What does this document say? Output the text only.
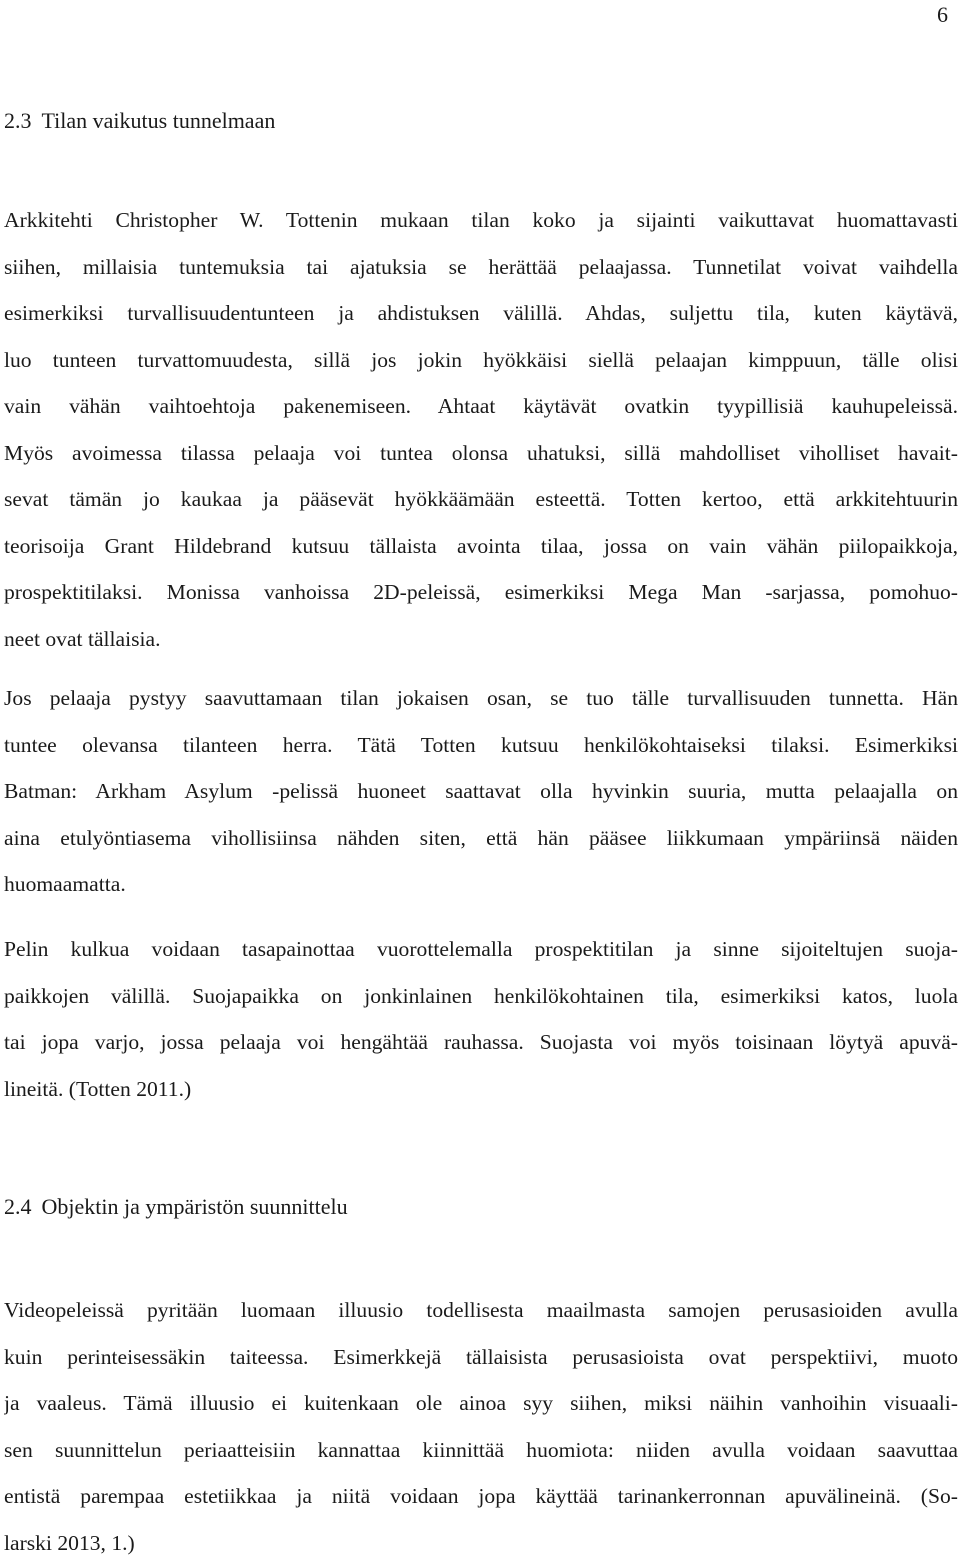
6
2.3 Tilan vaikutus tunnelmaan
Arkkitehti Christopher W. Tottenin mukaan tilan koko ja sijainti vaikuttavat huomattavasti
siihen, millaisia tuntemuksia tai ajatuksia se herättää pelaajassa. Tunnetilat voivat vaihdella
esimerkiksi turvallisuudentunteen ja ahdistuksen välillä. Ahdas, suljettu tila, kuten käytävä,
luo tunteen turvattomuudesta, sillä jos jokin hyökkäisi siellä pelaajan kimppuun, tälle olisi
vain vähän vaihtoehtoja pakenemiseen. Ahtaat käytävät ovatkin tyypillisiä kauhupeleissä.
Myös avoimessa tilassa pelaaja voi tuntea olonsa uhatuksi, sillä mahdolliset viholliset havait-
sevat tämän jo kaukaa ja pääsevät hyökkäämään esteettä. Totten kertoo, että arkkitehtuurin
teorisoija Grant Hildebrand kutsuu tällaista avointa tilaa, jossa on vain vähän piilopaikkoja,
prospektitilaksi. Monissa vanhoissa 2D-peleissä, esimerkiksi Mega Man -sarjassa, pomohuo-
neet ovat tällaisia.
Jos pelaaja pystyy saavuttamaan tilan jokaisen osan, se tuo tälle turvallisuuden tunnetta. Hän
tuntee olevansa tilanteen herra. Tätä Totten kutsuu henkilökohtaiseksi tilaksi. Esimerkiksi
Batman: Arkham Asylum -pelissä huoneet saattavat olla hyvinkin suuria, mutta pelaajalla on
aina etulyöntiasema vihollisiinsa nähden siten, että hän pääsee liikkumaan ympäriinsä näiden
huomaamatta.
Pelin kulkua voidaan tasapainottaa vuorottelemalla prospektitilan ja sinne sijoiteltujen suoja-
paikkojen välillä. Suojapaikka on jonkinlainen henkilökohtainen tila, esimerkiksi katos, luola
tai jopa varjo, jossa pelaaja voi hengähtää rauhassa. Suojasta voi myös toisinaan löytyä apuvä-
lineitä. (Totten 2011.)
2.4 Objektin ja ympäristön suunnittelu
Videopeleissä pyritään luomaan illuusio todellisesta maailmasta samojen perusasioiden avulla
kuin perinteisessäkin taiteessa. Esimerkkejä tällaisista perusasioista ovat perspektiivi, muoto
ja vaaleus. Tämä illuusio ei kuitenkaan ole ainoa syy siihen, miksi näihin vanhoihin visuaali-
sen suunnittelun periaatteisiin kannattaa kiinnittää huomiota: niiden avulla voidaan saavuttaa
entistä parempaa estetiikkaa ja niitä voidaan jopa käyttää tarinankerronnan apuvälineinä. (So-
larski 2013, 1.)
